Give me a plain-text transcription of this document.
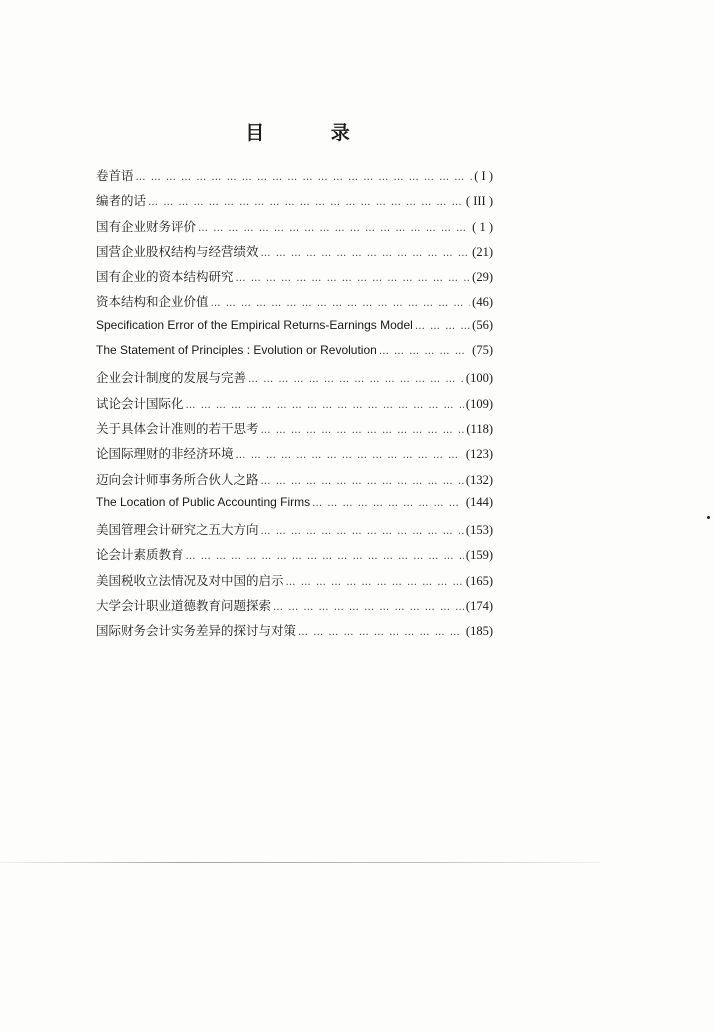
目 录
卷首语 … … … … … … … … … … … … … … … … … … … … … … … … … … … … … … … … … … … … … … … … … … … … … … … …	( I )
编者的话 … … … … … … … … … … … … … … … … … … … … … … … … … … … … … … … … … … … … … … … … … … … … … … … …	( III )
国有企业财务评价 … … … … … … … … … … … … … … … … … … … … … … … … … … … … … … … … … … … … … … … … … … … … … … … …	( 1 )
国营企业股权结构与经营绩效 … … … … … … … … … … … … … … … … … … … … … … … … … … … … … … … … … … … … … … … … … … … … … … … …	(21)
国有企业的资本结构研究 … … … … … … … … … … … … … … … … … … … … … … … … … … … … … … … … … … … … … … … … … … … … … … … …	(29)
资本结构和企业价值 … … … … … … … … … … … … … … … … … … … … … … … … … … … … … … … … … … … … … … … … … … … … … … … …	(46)
Specification Error of the Empirical Returns-Earnings Model … … … … … … … … … … … … … … … … … … … … … … … … … … … … … … … … … … … … … … … … … … … … … … … …	(56)
The Statement of Principles : Evolution or Revolution … … … … … … … … … … … … … … … … … … … … … … … … … … … … … … … … … … … … … … … … … … … … … … … …	(75)
企业会计制度的发展与完善 … … … … … … … … … … … … … … … … … … … … … … … … … … … … … … … … … … … … … … … … … … … … … … … …	(100)
试论会计国际化 … … … … … … … … … … … … … … … … … … … … … … … … … … … … … … … … … … … … … … … … … … … … … … … …	(109)
关于具体会计准则的若干思考 … … … … … … … … … … … … … … … … … … … … … … … … … … … … … … … … … … … … … … … … … … … … … … … …	(118)
论国际理财的非经济环境 … … … … … … … … … … … … … … … … … … … … … … … … … … … … … … … … … … … … … … … … … … … … … … … …	(123)
迈向会计师事务所合伙人之路 … … … … … … … … … … … … … … … … … … … … … … … … … … … … … … … … … … … … … … … … … … … … … … … …	(132)
The Location of Public Accounting Firms … … … … … … … … … … … … … … … … … … … … … … … … … … … … … … … … … … … … … … … … … … … … … … … …	(144)
美国管理会计研究之五大方向 … … … … … … … … … … … … … … … … … … … … … … … … … … … … … … … … … … … … … … … … … … … … … … … …	(153)
论会计素质教育 … … … … … … … … … … … … … … … … … … … … … … … … … … … … … … … … … … … … … … … … … … … … … … … …	(159)
美国税收立法情况及对中国的启示 … … … … … … … … … … … … … … … … … … … … … … … … … … … … … … … … … … … … … … … … … … … … … … … …	(165)
大学会计职业道德教育问题探索 … … … … … … … … … … … … … … … … … … … … … … … … … … … … … … … … … … … … … … … … … … … … … … … …	(174)
国际财务会计实务差异的探讨与对策 … … … … … … … … … … … … … … … … … … … … … … … … … … … … … … … … … … … … … … … … … … … … … … … …	(185)
